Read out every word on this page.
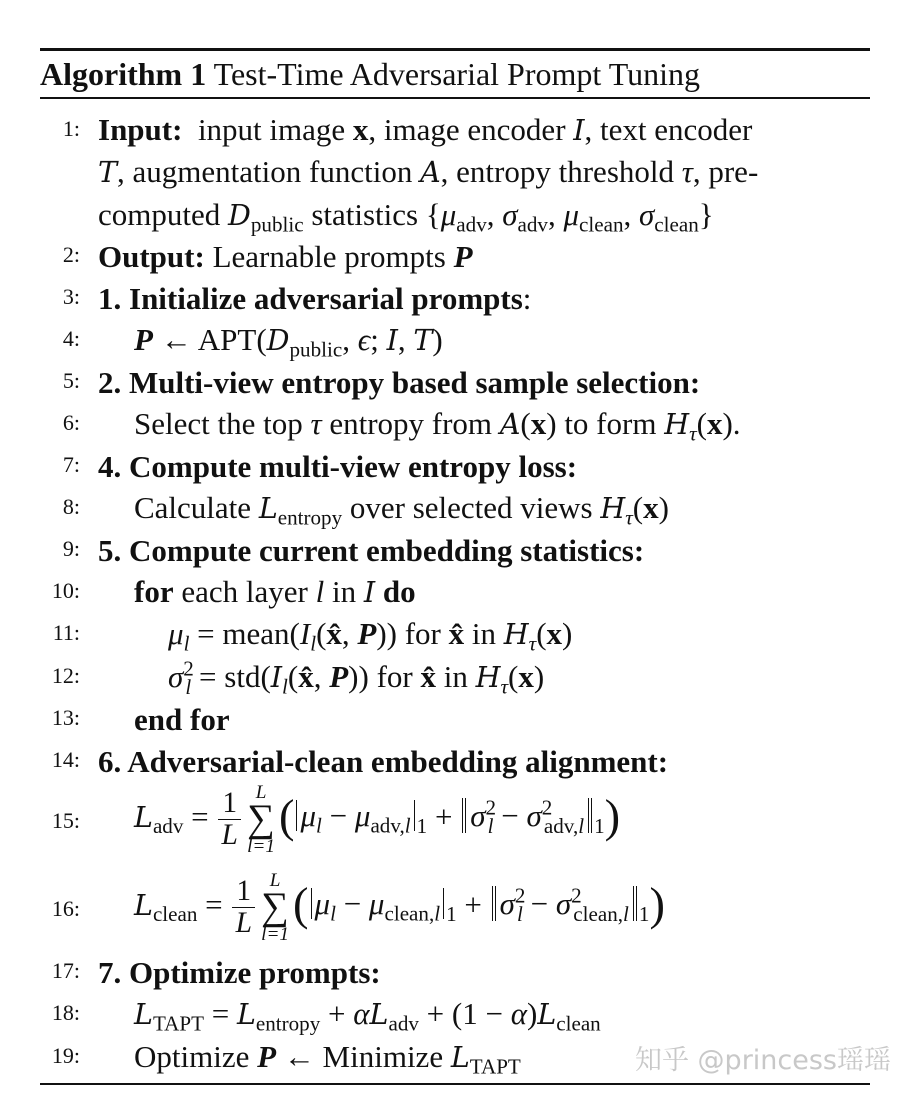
Algorithm 1 Test-Time Adversarial Prompt Tuning
1: Input: input image x, image encoder I, text encoder
T, augmentation function A, entropy threshold τ, pre-
computed $D_{public}$ statistics {$\mu_{adv}$, $\sigma_{adv}$, $\mu_{clean}$, $\sigma_{clean}$}
2: Output: Learnable prompts P
3: 1. Initialize adversarial prompts:
4: P ← $APT(D_{public}$, ϵ; I, T)
5: 2. Multi-view entropy based sample selection:
6: Select the top τ entropy from A(x) to form $H_\tau(x)$.
7: 4. Compute multi-view entropy loss:
8: Calculate $L_{entropy}$ over selected views $H_\tau(x)$
9: 5. Compute current embedding statistics:
10: for each layer l in I do
11:	$\mu_l$ = $mean(I_l(x̂$, P)) for x̂ in $H_\tau(x)$
12:	$\sigma^2_l$ = $std(I_l(x̂$, P)) for x̂ in $H_\tau(x)$
13: end for
14: 6. Adversarial-clean embedding alignment:
15: $L_{adv} = \frac{1}{L}$ L
∑
l=1
( $\mu_l - \mu_{adv,l}$ $_1 + \sigma^2_l - \sigma^2_{adv,l}$ $_1$)
16: $L_{clean} = \frac{1}{L}$ L
∑
l=1
( $\mu_l - \mu_{clean,l}$ $_1 + \sigma^2_l - \sigma^2_{clean,l}$ $_1$)
17: 7. Optimize prompts:
18: $L_{TAPT} = L_{entropy} + \alpha L_{adv} + (1 - \alpha)L_{clean}$
19: Optimize P ← Minimize $L_{TAPT}$	知乎 @princess瑶瑶
